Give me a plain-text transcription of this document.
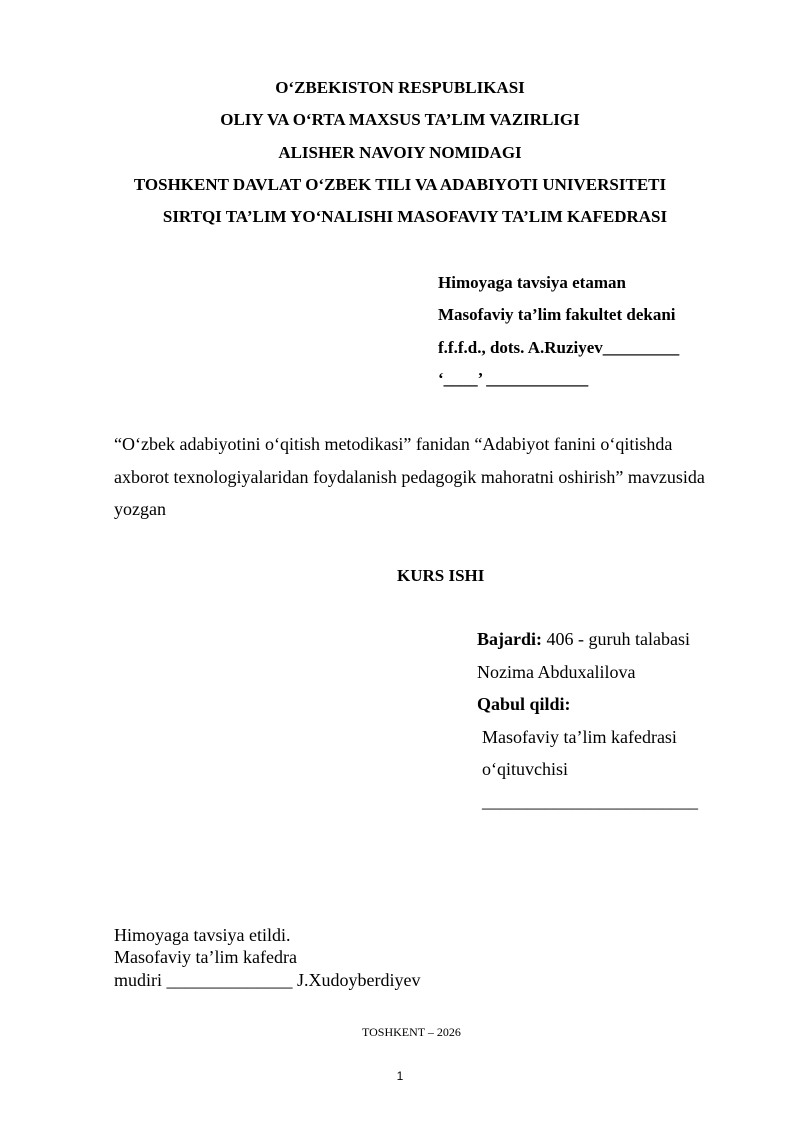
O‘ZBEKISTON RESPUBLIKASI
OLIY VA O‘RTA MAXSUS TA’LIM VAZIRLIGI
ALISHER NAVOIY NOMIDAGI
TOSHKENT DAVLAT O‘ZBEK TILI VA ADABIYOTI UNIVERSITETI
SIRTQI TA’LIM YO‘NALISHI MASOFAVIY TA’LIM KAFEDRASI
Himoyaga tavsiya etaman
Masofaviy ta’lim fakultet dekani
f.f.f.d., dots. A.Ruziyev_________
‘____’ ____________
“O‘zbek adabiyotini o‘qitish metodikasi” fanidan “Adabiyot fanini o‘qitishda
axborot texnologiyalaridan foydalanish pedagogik mahoratni oshirish” mavzusida
yozgan
KURS ISHI
Bajardi: 406 - guruh talabasi
Nozima Abduxalilova
Qabul qildi:
Masofaviy ta’lim kafedrasi
o‘qituvchisi
________________________
Himoyaga tavsiya etildi.
Masofaviy ta’lim kafedra
mudiri ______________ J.Xudoyberdiyev
TOSHKENT – 2026
1
